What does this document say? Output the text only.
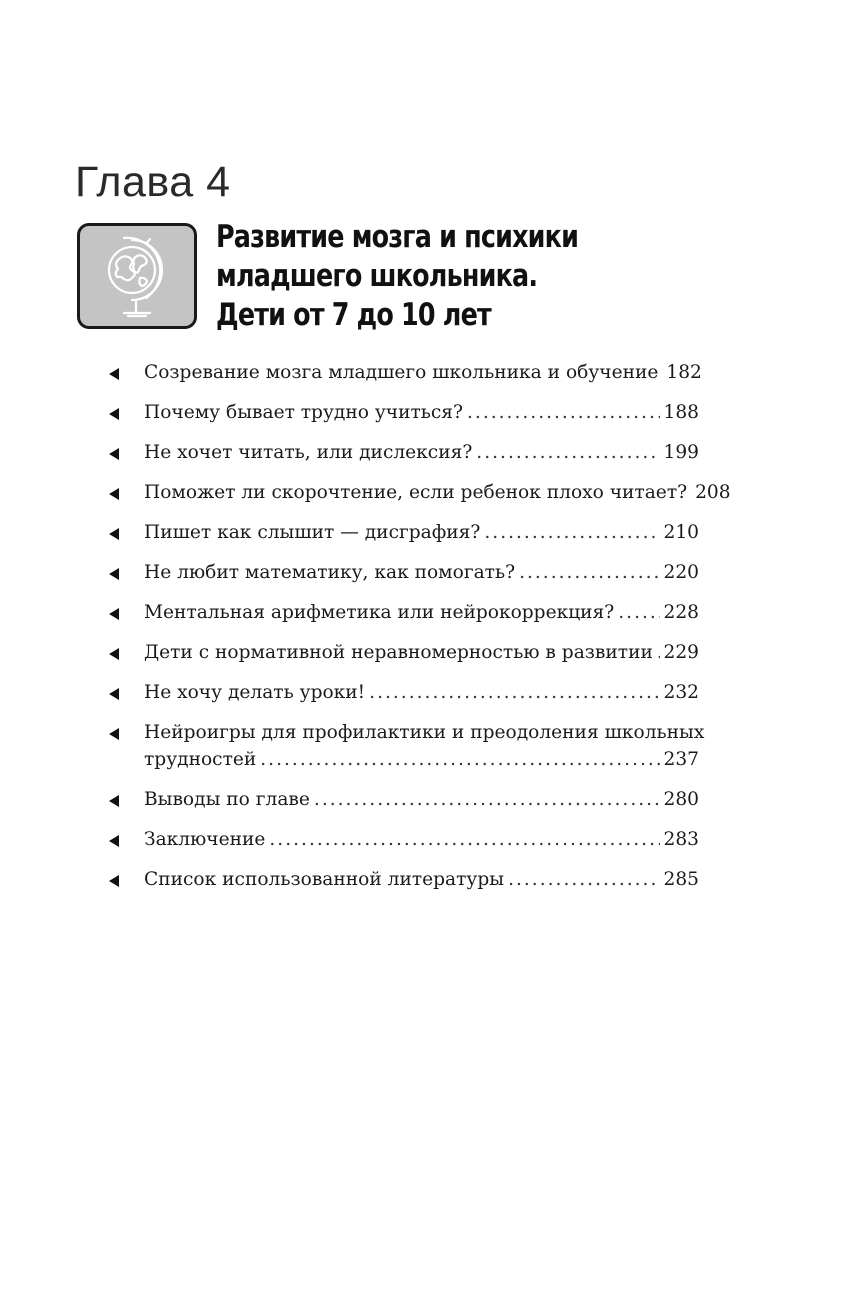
Глава 4
Развитие мозга и психики
младшего школьника.
Дети от 7 до 10 лет
Созревание мозга младшего школьника и обучение 182
Почему бывает трудно учиться? .....	188
Не хочет читать, или дислексия? .....	199
Поможет ли скорочтение, если ребенок плохо читает? 208
Пишет как слышит — дисграфия? .....	210
Не любит математику, как помогать? .....	220
Ментальная арифметика или нейрокоррекция? .....	228
Дети с нормативной неравномерностью в развитии ..... 229
Не хочу делать уроки! .....	232
Нейроигры для профилактики и преодоления школьных
трудностей .....	237
Выводы по главе .....	280
Заключение .....	283
Список использованной литературы .....	285
